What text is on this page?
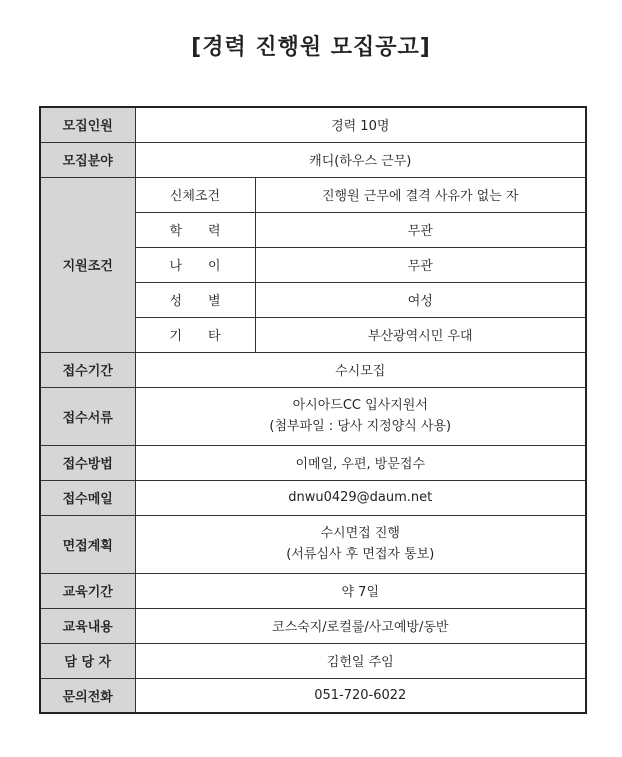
[경력 진행원 모집공고]
모집인원	경력 10명	
모집분야	캐디(하우스 근무)	
지원조건	신체조건	진행원 근무에 결격 사유가 없는 자
	학　　력	무관
	나　　이	무관
	성　　별	여성
	기　　타	부산광역시민 우대
접수기간	수시모집	
접수서류	아시아드CC 입사지원서
(첨부파일 : 당사 지정양식 사용)	

접수방법	이메일, 우편, 방문접수	
접수메일	dnwu0429@daum.net	
면접계획	수시면접 진행
(서류심사 후 면접자 통보)	

교육기간	약 7일	
교육내용	코스숙지/로컬룰/사고예방/동반	
담 당 자	김헌일 주임	
문의전화	051-720-6022	
